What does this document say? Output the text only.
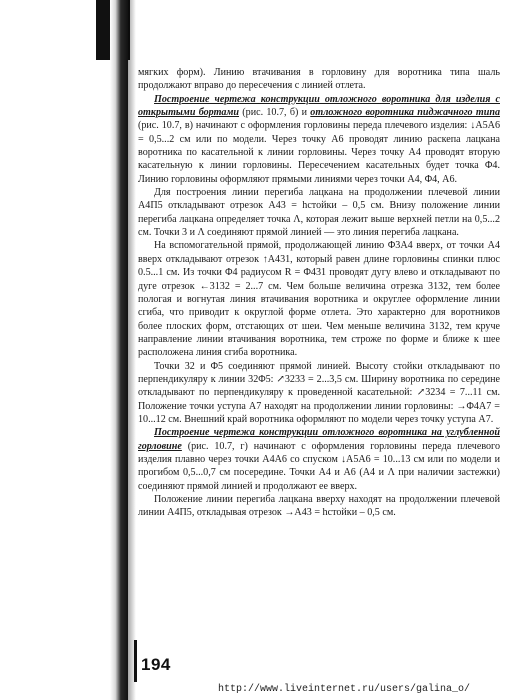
мягких форм). Линию втачивания в горловину для воротника типа шаль продолжают вправо до пересечения с линией отлета.

Построение чертежа конструкции отложного воротника для изделия с открытыми бортами (рис. 10.7, б) и отложного воротника пиджачного типа (рис. 10.7, в) начинают с оформления горловины переда плечевого изделия: ↓A5A6 = 0,5...2 см или по модели. Через точку A6 проводят линию раскепа лацкана воротника по касательной к линии горловины. Через точку A4 проводят вторую касательную к линии горловины. Пересечением касательных будет точка Φ4. Линию горловины оформляют прямыми линиями через точки A4, Φ4, A6.

Для построения линии перегиба лацкана на продолжении плечевой линии A4П5 откладывают отрезок A43 = hстойки – 0,5 см. Внизу положение линии перегиба лацкана определяет точка Λ, которая лежит выше верхней петли на 0,5...2 см. Точки 3 и Λ соединяют прямой линией — это линия перегиба лацкана.

На вспомогательной прямой, продолжающей линию Φ3A4 вверх, от точки A4 вверх откладывают отрезок ↑A431, который равен длине горловины спинки плюс 0.5...1 см. Из точки Φ4 радиусом R = Φ431 проводят дугу влево и откладывают по дуге отрезок ←3132 = 2...7 см. Чем больше величина отрезка 3132, тем более пологая и вогнутая линия втачивания воротника и округлее оформление линии сгиба, что приводит к округлой форме отлета. Это характерно для воротников более плоских форм, отстающих от шеи. Чем меньше величина 3132, тем круче направление линии втачивания воротника, тем строже по форме и ближе к шее расположена линия сгиба воротника.

Точки 32 и Φ5 соединяют прямой линией. Высоту стойки откладывают по перпендикуляру к линии 32Φ5: ↗3233 = 2...3,5 см. Ширину воротника по середине откладывают по перпендикуляру к проведенной касательной: ↗3234 = 7...11 см. Положение точки уступа A7 находят на продолжении линии горловины: →Φ4A7 = 10...12 см. Внешний край воротника оформляют по модели через точку уступа A7.

Построение чертежа конструкции отложного воротника на углубленной горловине (рис. 10.7, г) начинают с оформления горловины переда плечевого изделия плавно через точки A4A6 со спуском ↓A5A6 = 10...13 см или по модели и прогибом 0,5...0,7 см посередине. Точки A4 и A6 (A4 и Λ при наличии застежки) соединяют прямой линией и продолжают ее вверх.

Положение линии перегиба лацкана вверху находят на продолжении плечевой линии A4П5, откладывая отрезок →A43 = hстойки – 0,5 см.

194
http://www.liveinternet.ru/users/galina_o/
